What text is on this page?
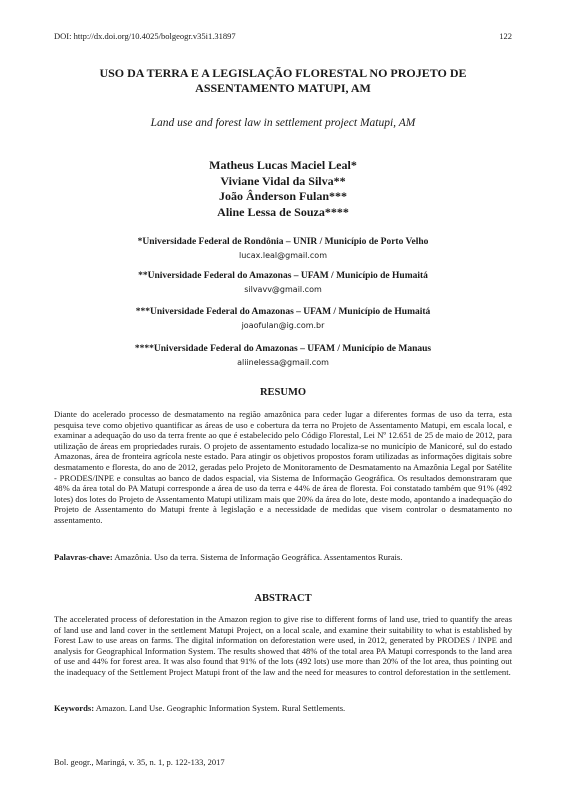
DOI: http://dx.doi.org/10.4025/bolgeogr.v35i1.31897	122
USO DA TERRA E A LEGISLAÇÃO FLORESTAL NO PROJETO DE
ASSENTAMENTO MATUPI, AM
Land use and forest law in settlement project Matupi, AM
Matheus Lucas Maciel Leal*
Viviane Vidal da Silva**
João Ânderson Fulan***
Aline Lessa de Souza****
*Universidade Federal de Rondônia – UNIR / Município de Porto Velho
lucax.leal@gmail.com
**Universidade Federal do Amazonas – UFAM / Município de Humaitá
silvavv@gmail.com
***Universidade Federal do Amazonas – UFAM / Município de Humaitá
joaofulan@ig.com.br
****Universidade Federal do Amazonas – UFAM / Município de Manaus
aliinelessa@gmail.com
RESUMO
Diante do acelerado processo de desmatamento na região amazônica para ceder lugar a diferentes formas de uso da terra, esta pesquisa teve como objetivo quantificar as áreas de uso e cobertura da terra no Projeto de Assentamento Matupi, em escala local, e examinar a adequação do uso da terra frente ao que é estabelecido pelo Código Florestal, Lei Nº 12.651 de 25 de maio de 2012, para utilização de áreas em propriedades rurais. O projeto de assentamento estudado localiza-se no município de Manicoré, sul do estado Amazonas, área de fronteira agrícola neste estado. Para atingir os objetivos propostos foram utilizadas as informações digitais sobre desmatamento e floresta, do ano de 2012, geradas pelo Projeto de Monitoramento de Desmatamento na Amazônia Legal por Satélite - PRODES/INPE e consultas ao banco de dados espacial, via Sistema de Informação Geográfica. Os resultados demonstraram que 48% da área total do PA Matupi corresponde a área de uso da terra e 44% de área de floresta. Foi constatado também que 91% (492 lotes) dos lotes do Projeto de Assentamento Matupi utilizam mais que 20% da área do lote, deste modo, apontando a inadequação do Projeto de Assentamento do Matupi frente à legislação e a necessidade de medidas que visem controlar o desmatamento no assentamento.
Palavras-chave: Amazônia. Uso da terra. Sistema de Informação Geográfica. Assentamentos Rurais.
ABSTRACT
The accelerated process of deforestation in the Amazon region to give rise to different forms of land use, tried to quantify the areas of land use and land cover in the settlement Matupi Project, on a local scale, and examine their suitability to what is established by Forest Law to use areas on farms. The digital information on deforestation were used, in 2012, generated by PRODES / INPE and analysis for Geographical Information System. The results showed that 48% of the total area PA Matupi corresponds to the land area of use and 44% for forest area. It was also found that 91% of the lots (492 lots) use more than 20% of the lot area, thus pointing out the inadequacy of the Settlement Project Matupi front of the law and the need for measures to control deforestation in the settlement.
Keywords: Amazon. Land Use. Geographic Information System. Rural Settlements.
Bol. geogr., Maringá, v. 35, n. 1, p. 122-133, 2017
